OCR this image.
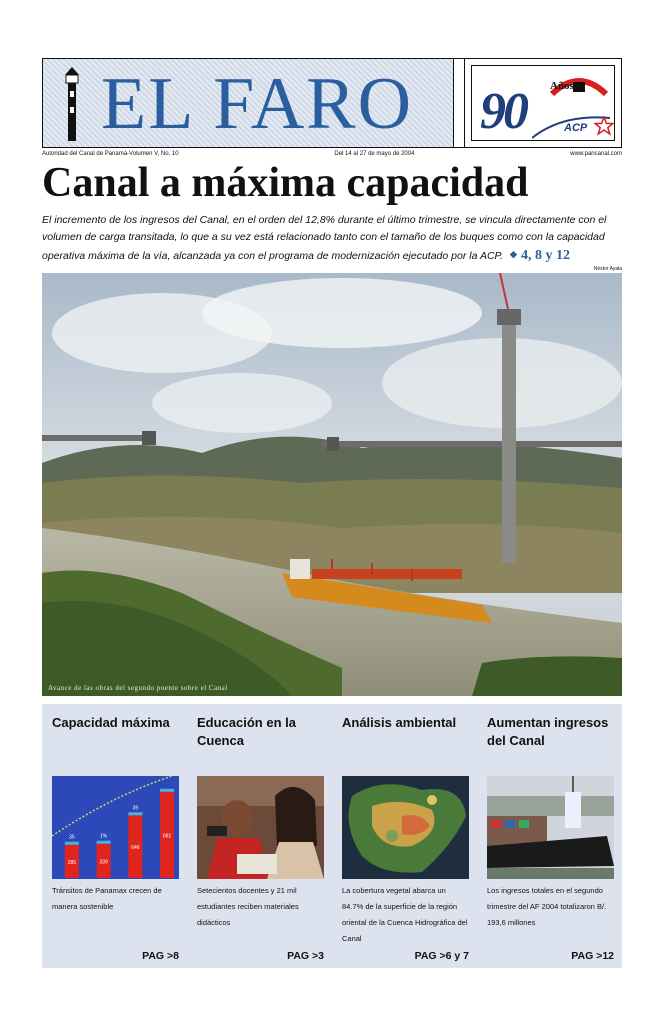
EL FARO	Años
90	ACP
Autoridad del Canal de Panamá-Volumen V, No. 10	Del 14 al 27 de mayo de 2004	www.pancanal.com
Canal a máxima capacidad

El incremento de los ingresos del Canal, en el orden del 12,8% durante el último trimestre, se vincula directamente con el volumen de carga transitada, lo que a su vez está relacionado tanto con el tamaño de los buques como con la capacidad operativa máxima de la vía, alcanzada ya con el programa de modernización ejecutado por la ACP. ◆ 4, 8 y 12

Néstor Ayala
Avance de las obras del segundo puente sobre el Canal
Capacidad máxima
285
35
339
1%
646
39
681
Tránsitos de Panamax crecen de manera sostenible
PAG >8
Educación en la Cuenca
Setecientos docentes y 21 mil estudiantes reciben materiales didácticos
PAG >3
Análisis ambiental
La cobertura vegetal abarca un 84.7% de la superficie de la región oriental de la Cuenca Hidrográfica del Canal
PAG >6 y 7
Aumentan ingresos del Canal
Los ingresos totales en el segundo trimestre del AF 2004 totalizaron B/. 193,6 millones
PAG >12
